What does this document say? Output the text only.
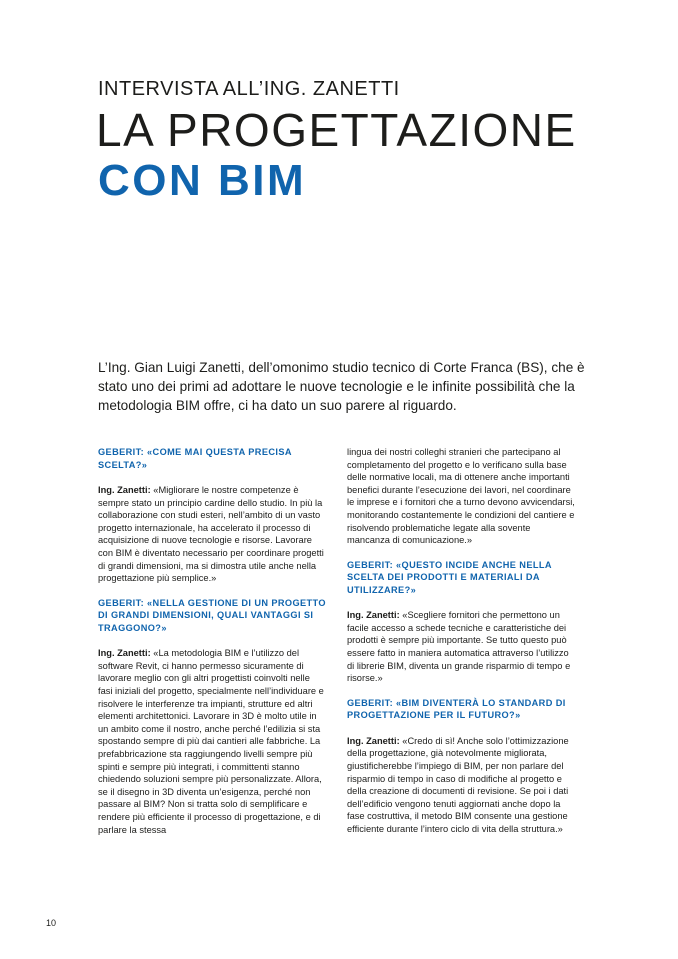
INTERVISTA ALL’ING. ZANETTI
LA PROGETTAZIONE
CON BIM

L’Ing. Gian Luigi Zanetti, dell’omonimo studio tecnico di Corte Franca (BS), che è stato uno dei primi ad adottare le nuove tecnologie e le infinite possibilità che la metodologia BIM offre, ci ha dato un suo parere al riguardo.

GEBERIT: «COME MAI QUESTA PRECISA SCELTA?»

Ing. Zanetti: «Migliorare le nostre competenze è sempre stato un principio cardine dello studio. In più la collaborazione con studi esteri, nell’ambito di un vasto progetto internazionale, ha accelerato il processo di acquisizione di nuove tecnologie e risorse. Lavorare con BIM è diventato necessario per coordinare progetti di grandi dimensioni, ma si dimostra utile anche nella progettazione più semplice.»

GEBERIT: «NELLA GESTIONE DI UN PROGETTO DI GRANDI DIMENSIONI, QUALI VANTAGGI SI TRAGGONO?»

Ing. Zanetti: «La metodologia BIM e l’utilizzo del software Revit, ci hanno permesso sicuramente di lavorare meglio con gli altri progettisti coinvolti nelle fasi iniziali del progetto, specialmente nell’individuare e risolvere le interferenze tra impianti, strutture ed altri elementi architettonici. Lavorare in 3D è molto utile in un ambito come il nostro, anche perché l’edilizia si sta spostando sempre di più dai cantieri alle fabbriche. La prefabbricazione sta raggiungendo livelli sempre più spinti e sempre più integrati, i committenti stanno chiedendo soluzioni sempre più personalizzate. Allora, se il disegno in 3D diventa un’esigenza, perché non passare al BIM? Non si tratta solo di semplificare e rendere più efficiente il processo di progettazione, e di parlare la stessa

lingua dei nostri colleghi stranieri che partecipano al completamento del progetto e lo verificano sulla base delle normative locali, ma di ottenere anche importanti benefici durante l’esecuzione dei lavori, nel coordinare le imprese e i fornitori che a turno devono avvicendarsi, monitorando costantemente le condizioni del cantiere e risolvendo problematiche legate alla sovente mancanza di comunicazione.»

GEBERIT: «QUESTO INCIDE ANCHE NELLA SCELTA DEI PRODOTTI E MATERIALI DA UTILIZZARE?»

Ing. Zanetti: «Scegliere fornitori che permettono un facile accesso a schede tecniche e caratteristiche dei prodotti è sempre più importante. Se tutto questo può essere fatto in maniera automatica attraverso l’utilizzo di librerie BIM, diventa un grande risparmio di tempo e risorse.»

GEBERIT: «BIM DIVENTERÀ LO STANDARD DI PROGETTAZIONE PER IL FUTURO?»

Ing. Zanetti: «Credo di sì! Anche solo l’ottimizzazione della progettazione, già notevolmente migliorata, giustificherebbe l’impiego di BIM, per non parlare del risparmio di tempo in caso di modifiche al progetto e della creazione di documenti di revisione. Se poi i dati dell’edificio vengono tenuti aggiornati anche dopo la fase costruttiva, il metodo BIM consente una gestione efficiente durante l’intero ciclo di vita della struttura.»

10
